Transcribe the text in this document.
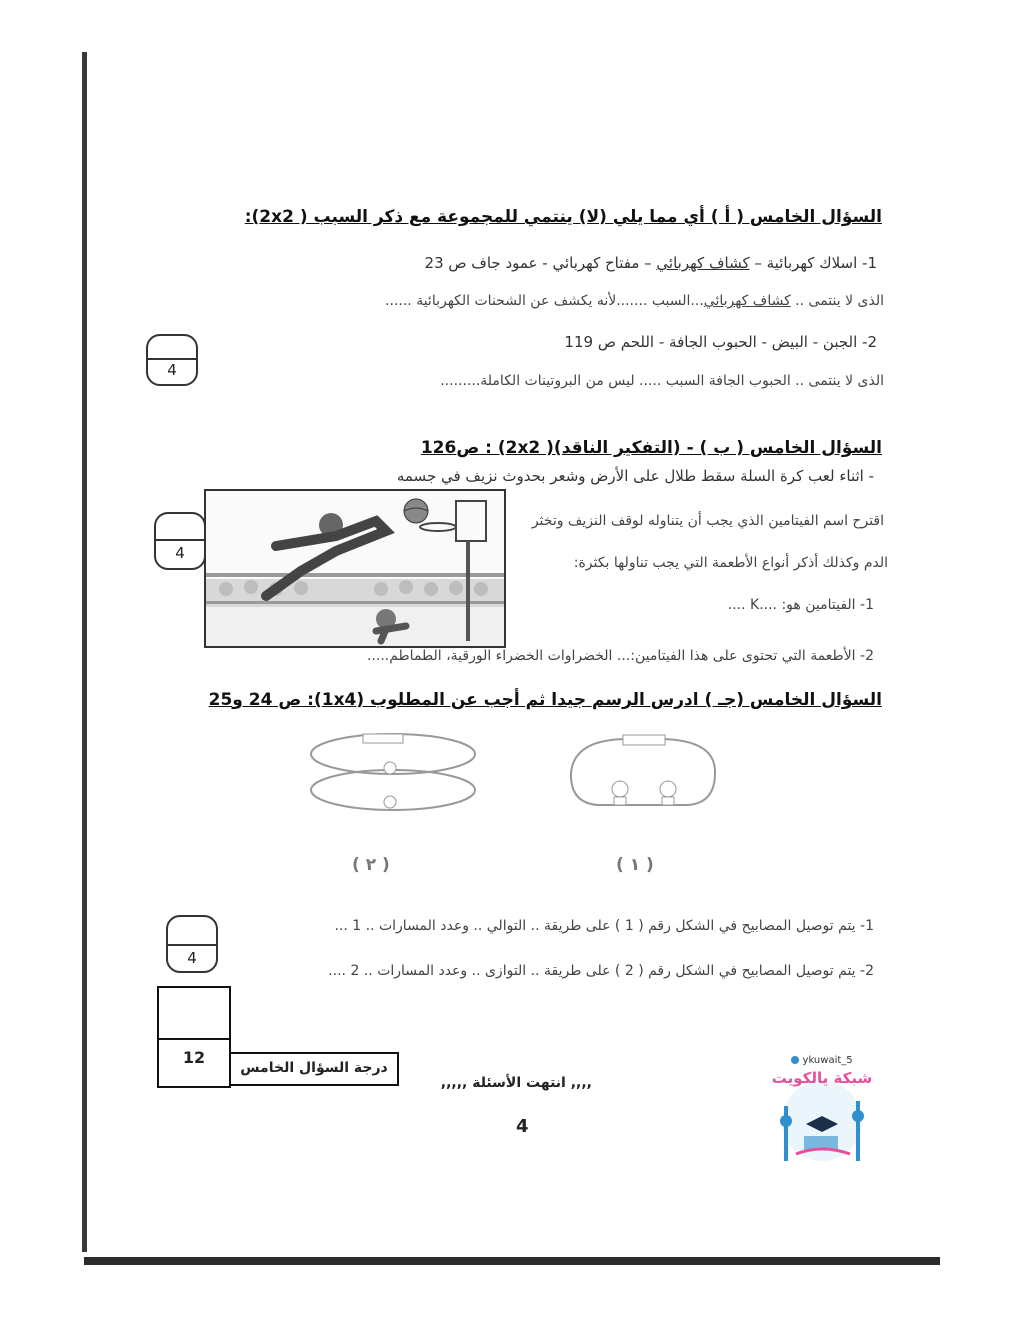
السؤال الخامس ( أ ) أي مما يلي (لا) ينتمي للمجموعة مع ذكر السبب ( 2x2):
1- اسلاك كهربائية – كشاف كهربائي – مفتاح كهربائي - عمود جاف ص 23
الذى لا ينتمى .. كشاف كهربائي...السبب .......لأنه يكشف عن الشحنات الكهربائية ......
2- الجبن - البيض - الحبوب الجافة - اللحم ص 119
الذى لا ينتمى .. الحبوب الجافة السبب ..... ليس من البروتينات الكاملة.........
4
السؤال الخامس ( ب ) - (التفكير الناقد)( 2x2) : ص126
- اثناء لعب كرة السلة سقط طلال على الأرض وشعر بحدوث نزيف في جسمه
اقترح اسم الفيتامين الذي يجب أن يتناوله لوقف النزيف وتخثر
الدم وكذلك أذكر أنواع الأطعمة التي يجب تناولها بكثرة:
1- الفيتامين هو: ....K ....
2- الأطعمة التي تحتوى على هذا الفيتامين:... الخضراوات الخضراء الورقية، الطماطم.....
4
السؤال الخامس (جـ ) ادرس الرسم جيدا ثم أجب عن المطلوب (1x4): ص 24 و25
( ٢ )	( ١ )
1- يتم توصيل المصابيح في الشكل رقم ( 1 ) على طريقة .. التوالي .. وعدد المسارات .. 1 ...
2- يتم توصيل المصابيح في الشكل رقم ( 2 ) على طريقة .. التوازى .. وعدد المسارات .. 2 ....
4
12
درجة السؤال الخامس
,,,, انتهت الأسئلة ,,,,,
4
ykuwait_5
شبكة يالكويت
